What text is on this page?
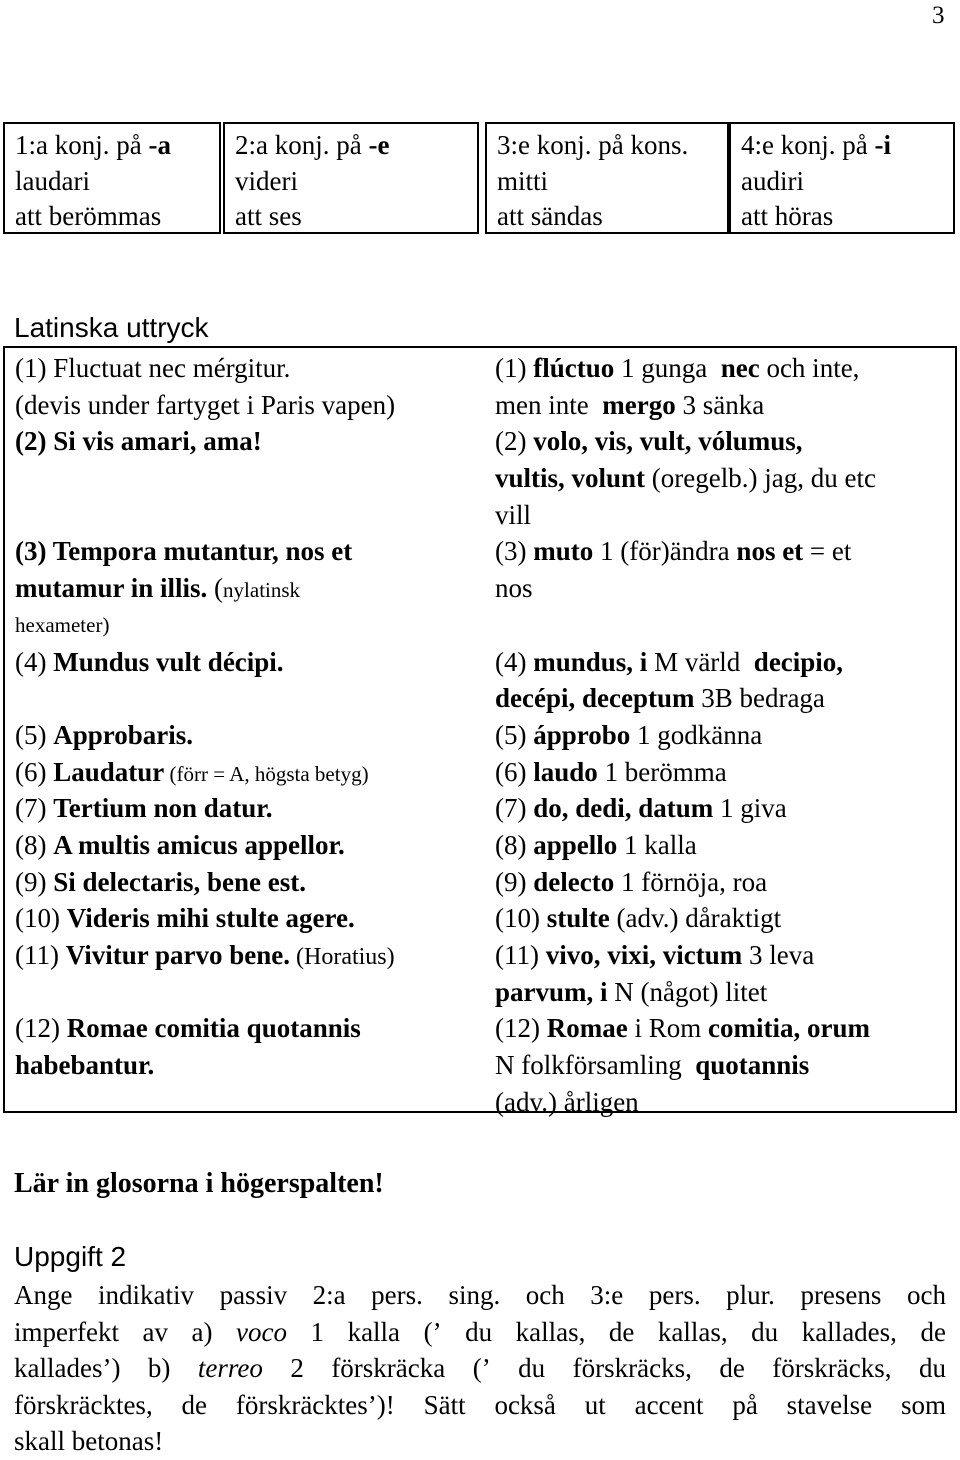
3
1:a konj. på -a
laudari
att berömmas
2:a konj. på -e
videri
att ses
3:e konj. på kons.
mitti
att sändas
4:e konj. på -i
audiri
att höras
Latinska uttryck
(1) Fluctuat nec mérgitur.
(devis under fartyget i Paris vapen)
(2) Si vis amari, ama!
(3) Tempora mutantur, nos et
mutamur in illis. (nylatinsk
hexameter)
(4) Mundus vult décipi.
(5) Approbaris.
(6) Laudatur (förr = A, högsta betyg)
(7) Tertium non datur.
(8) A multis amicus appellor.
(9) Si delectaris, bene est.
(10) Videris mihi stulte agere.
(11) Vivitur parvo bene. (Horatius)
(12) Romae comitia quotannis
habebantur.
(1) flúctuo 1 gunga  nec och inte,
men inte  mergo 3 sänka
(2) volo, vis, vult, vólumus,
vultis, volunt (oregelb.) jag, du etc
vill
(3) muto 1 (för)ändra nos et = et
nos
(4) mundus, i M värld  decipio,
decépi, deceptum 3B bedraga
(5) ápprobo 1 godkänna
(6) laudo 1 berömma
(7) do, dedi, datum 1 giva
(8) appello 1 kalla
(9) delecto 1 förnöja, roa
(10) stulte (adv.) dåraktigt
(11) vivo, vixi, victum 3 leva
parvum, i N (något) litet
(12) Romae i Rom comitia, orum
N folkförsamling  quotannis
(adv.) årligen
Lär in glosorna i högerspalten!
Uppgift 2
Ange indikativ passiv 2:a pers. sing. och 3:e pers. plur. presens och
imperfekt av a) voco 1 kalla (’ du kallas, de kallas, du kallades, de
kallades’) b) terreo 2 förskräcka (’ du förskräcks, de förskräcks, du
förskräcktes, de förskräcktes’)! Sätt också ut accent på stavelse som
skall betonas!
